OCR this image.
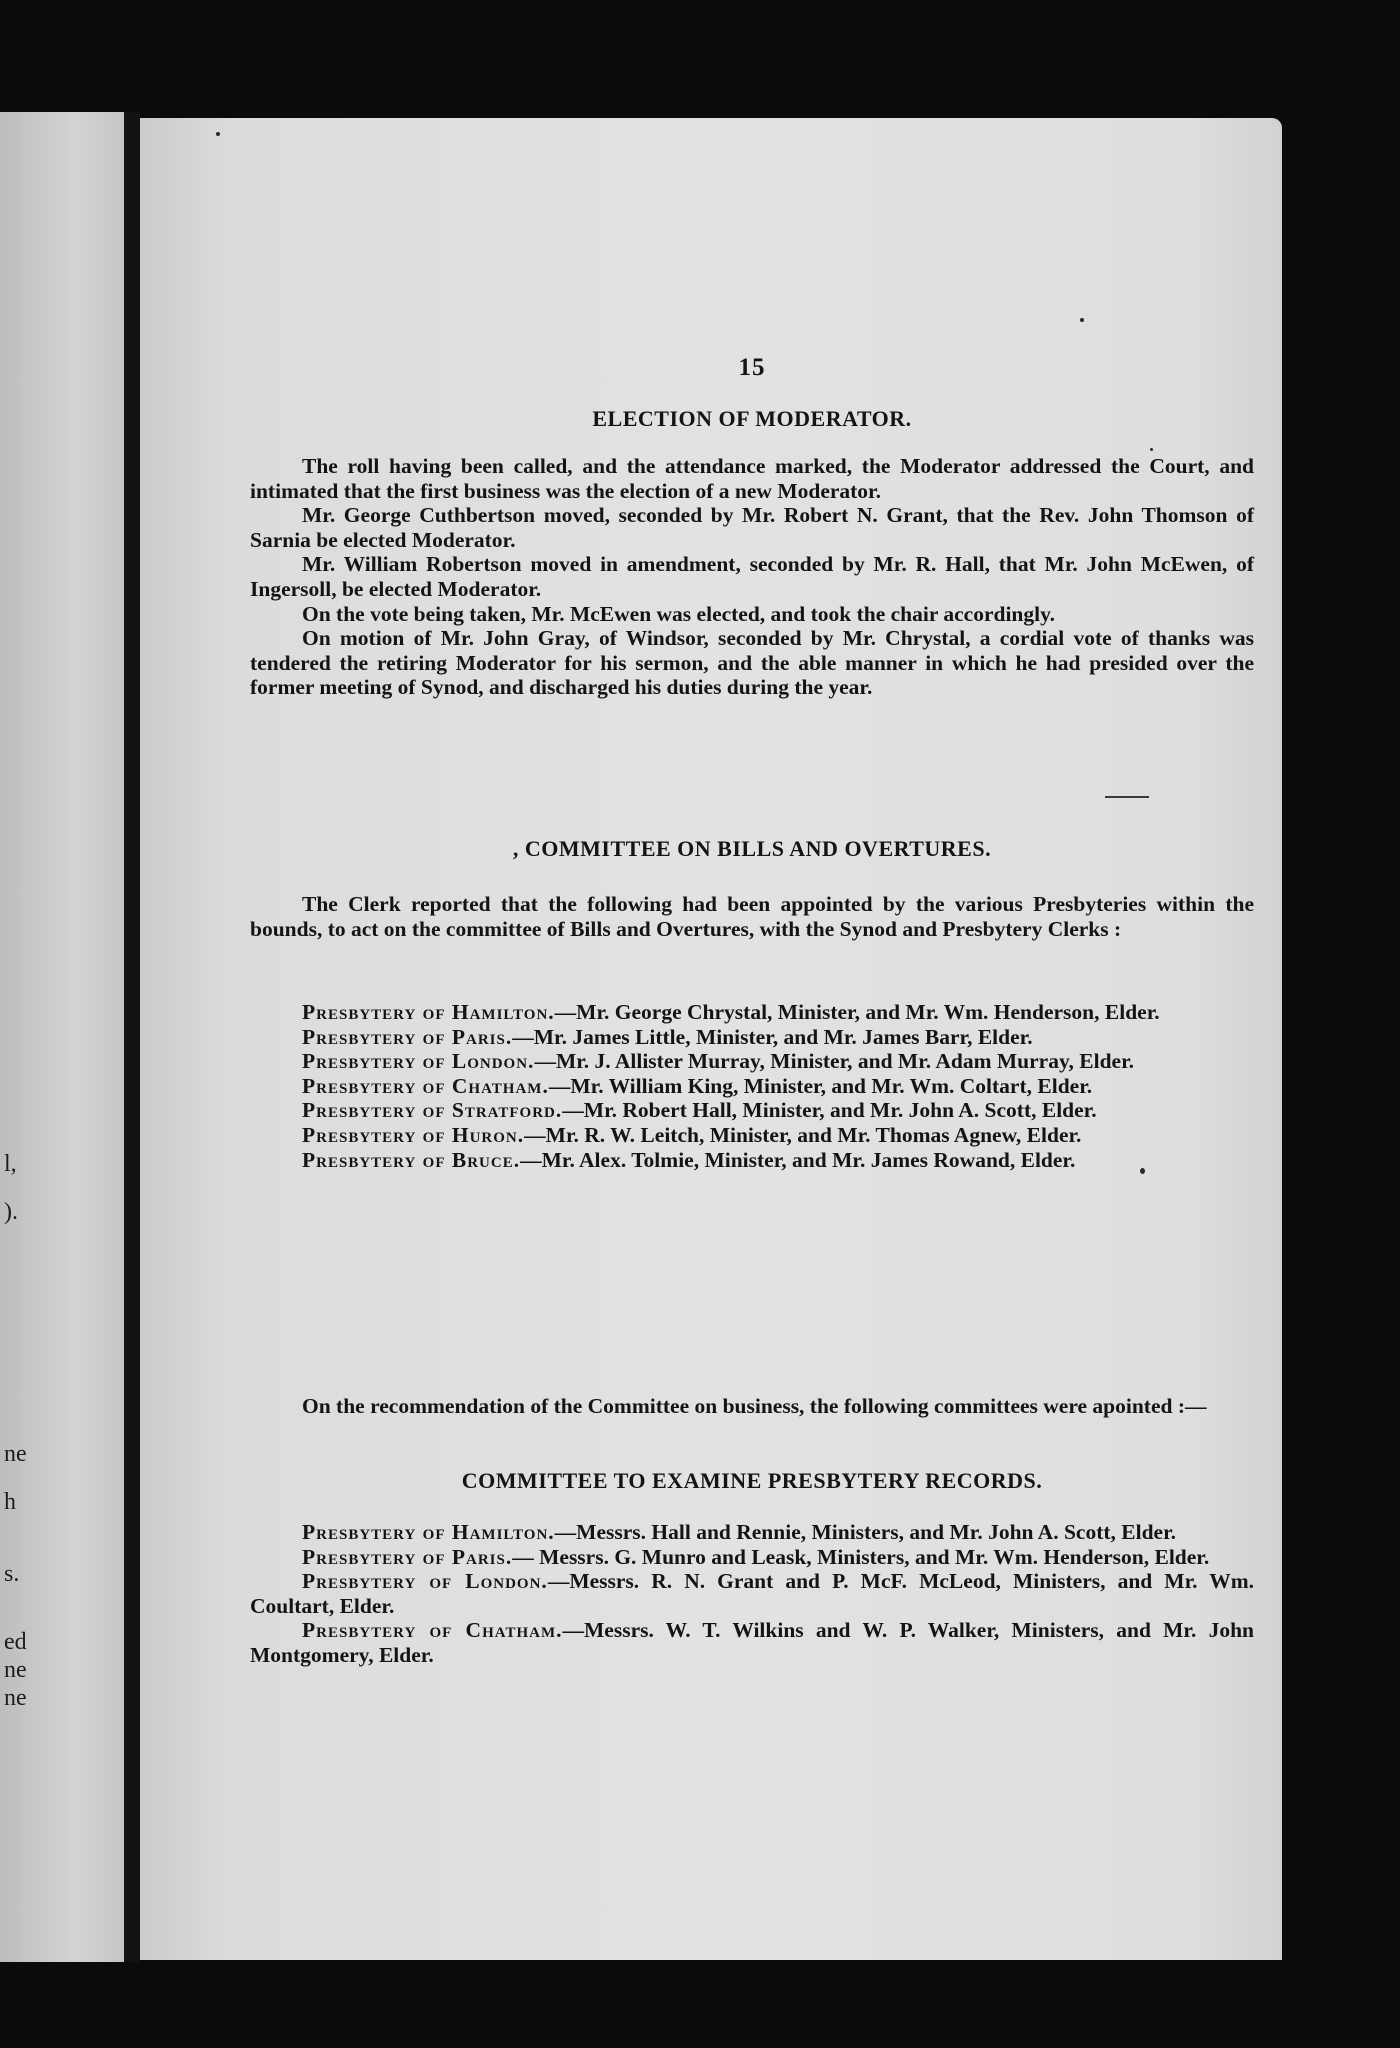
l,
).
ne
h
s.
ed
ne
ne
15
ELECTION OF MODERATOR.

The roll having been called, and the attendance marked, the Moderator addressed the Court, and intimated that the first business was the election of a new Moderator.

Mr. George Cuthbertson moved, seconded by Mr. Robert N. Grant, that the Rev. John Thomson of Sarnia be elected Moderator.

Mr. William Robertson moved in amendment, seconded by Mr. R. Hall, that Mr. John McEwen, of Ingersoll, be elected Moderator.

On the vote being taken, Mr. McEwen was elected, and took the chair accordingly.

On motion of Mr. John Gray, of Windsor, seconded by Mr. Chrystal, a cordial vote of thanks was tendered the retiring Moderator for his sermon, and the able manner in which he had presided over the former meeting of Synod, and discharged his duties during the year.

, COMMITTEE ON BILLS AND OVERTURES.

The Clerk reported that the following had been appointed by the various Presbyteries within the bounds, to act on the committee of Bills and Overtures, with the Synod and Presbytery Clerks :

Presbytery of Hamilton.—Mr. George Chrystal, Minister, and Mr. Wm. Henderson, Elder.

Presbytery of Paris.—Mr. James Little, Minister, and Mr. James Barr, Elder.

Presbytery of London.—Mr. J. Allister Murray, Minister, and Mr. Adam Murray, Elder.

Presbytery of Chatham.—Mr. William King, Minister, and Mr. Wm. Coltart, Elder.

Presbytery of Stratford.—Mr. Robert Hall, Minister, and Mr. John A. Scott, Elder.

Presbytery of Huron.—Mr. R. W. Leitch, Minister, and Mr. Thomas Agnew, Elder.

Presbytery of Bruce.—Mr. Alex. Tolmie, Minister, and Mr. James Rowand, Elder.

On the recommendation of the Committee on business, the following committees were apointed :—

COMMITTEE TO EXAMINE PRESBYTERY RECORDS.

Presbytery of Hamilton.—Messrs. Hall and Rennie, Ministers, and Mr. John A. Scott, Elder.

Presbytery of Paris.— Messrs. G. Munro and Leask, Ministers, and Mr. Wm. Henderson, Elder.

Presbytery of London.—Messrs. R. N. Grant and P. McF. McLeod, Ministers, and Mr. Wm. Coultart, Elder.

Presbytery of Chatham.—Messrs. W. T. Wilkins and W. P. Walker, Ministers, and Mr. John Montgomery, Elder.
